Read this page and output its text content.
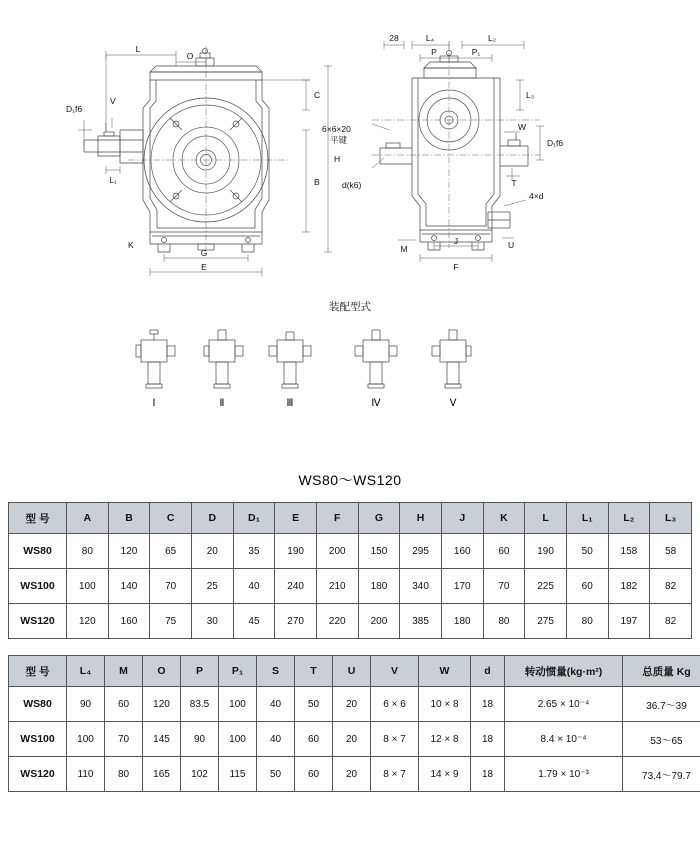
L
O
C
H
B
G
E
K
V
L₁
D₁f6
28	L₄	L₂
P	P₁
L₃
D₁f6
W
T
4×d
M
J
F
U
6×6×20
平键
d(k6)
装配型式
Ⅰ	Ⅱ	Ⅲ	Ⅳ	Ⅴ
WS80～WS120
型 号	A	B	C	D	D₁	E	F	G	H	J	K	L	L₁	L₂	L₃
WS80	80	120	65	20	35	190	200	150	295	160	60	190	50	158	58
WS100	100	140	70	25	40	240	210	180	340	170	70	225	60	182	82
WS120	120	160	75	30	45	270	220	200	385	180	80	275	80	197	82
型 号	L₄	M	O	P	P₁	S	T	U	V	W	d	转动惯量(kg·m²)	总质量 Kg
WS80	90	60	120	83.5	100	40	50	20	6 × 6	10 × 8	18	2.65 × 10⁻⁴	36.7～39
WS100	100	70	145	90	100	40	60	20	8 × 7	12 × 8	18	8.4 × 10⁻⁴	53～65
WS120	110	80	165	102	115	50	60	20	8 × 7	14 × 9	18	1.79 × 10⁻³	73.4～79.7
